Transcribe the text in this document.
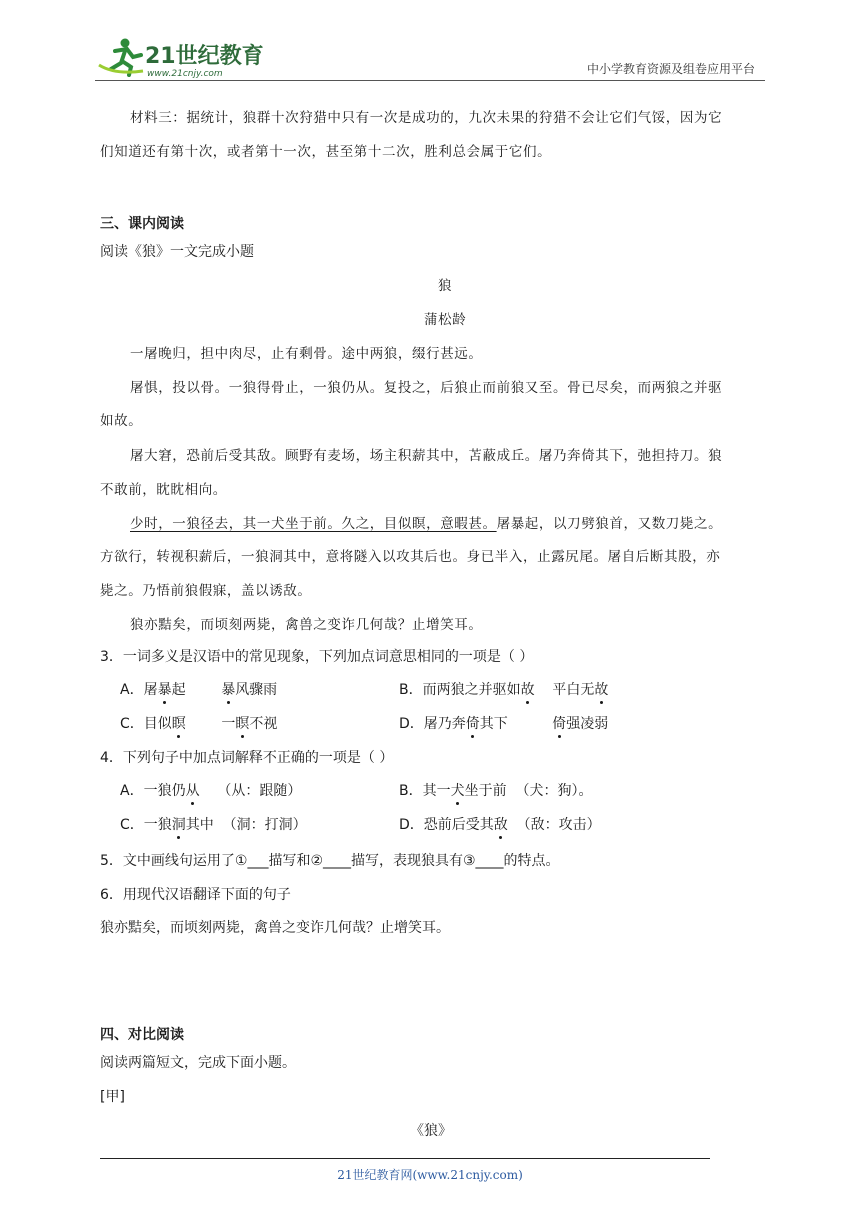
21世纪教育
www.21cnjy.com	中小学教育资源及组卷应用平台
材料三：据统计，狼群十次狩猎中只有一次是成功的，九次未果的狩猎不会让它们气馁，因为它
们知道还有第十次，或者第十一次，甚至第十二次，胜利总会属于它们。
三、课内阅读
阅读《狼》一文完成小题
狼
蒲松龄
一屠晚归，担中肉尽，止有剩骨。途中两狼，缀行甚远。
屠惧，投以骨。一狼得骨止，一狼仍从。复投之，后狼止而前狼又至。骨已尽矣，而两狼之并驱
如故。
屠大窘，恐前后受其敌。顾野有麦场，场主积薪其中，苫蔽成丘。屠乃奔倚其下，弛担持刀。狼
不敢前，眈眈相向。
少时，一狼径去，其一犬坐于前。久之，目似瞑，意暇甚。屠暴起，以刀劈狼首，又数刀毙之。
方欲行，转视积薪后，一狼洞其中，意将隧入以攻其后也。身已半入，止露尻尾。屠自后断其股，亦
毙之。乃悟前狼假寐，盖以诱敌。
狼亦黠矣，而顷刻两毙，禽兽之变诈几何哉？止增笑耳。
3．一词多义是汉语中的常见现象，下列加点词意思相同的一项是（ ）
A．屠暴起        暴风骤雨	B．而两狼之并驱如故    平白无故
C．目似瞑        一瞑不视	D．屠乃奔倚其下          倚强凌弱
4．下列句子中加点词解释不正确的一项是（ ）
A．一狼仍从    （从：跟随）	B．其一犬坐于前  （犬：狗）。
C．一狼洞其中  （洞：打洞）	D．恐前后受其敌  （敌：攻击）
5．文中画线句运用了①___描写和②____描写，表现狼具有③____的特点。
6．用现代汉语翻译下面的句子
狼亦黠矣，而顷刻两毙，禽兽之变诈几何哉？止增笑耳。
四、对比阅读
阅读两篇短文，完成下面小题。
[甲]
《狼》
21世纪教育网(www.21cnjy.com)
